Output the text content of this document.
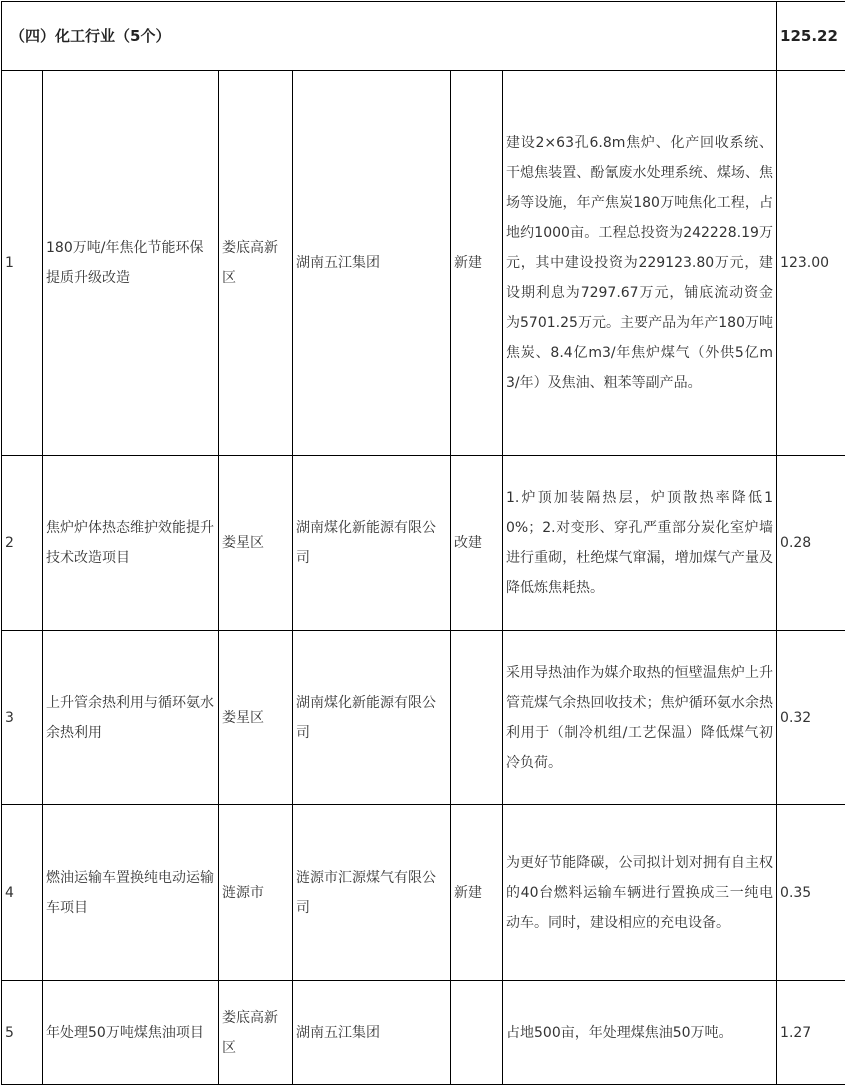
（四）化工行业（5个）						125.22
1	180万吨/年焦化节能环保提质升级改造	娄底高新区	湖南五江集团	新建	建设2×63孔6.8m焦炉、化产回收系统、干熄焦装置、酚氰废水处理系统、煤场、焦场等设施，年产焦炭180万吨焦化工程，占地约1000亩。工程总投资为242228.19万元，其中建设投资为229123.80万元，建设期利息为7297.67万元，铺底流动资金为5701.25万元。主要产品为年产180万吨焦炭、8.4亿m3/年焦炉煤气（外供5亿m3/年）及焦油、粗苯等副产品。	123.00
2	焦炉炉体热态维护效能提升技术改造项目	娄星区	湖南煤化新能源有限公司	改建	1.炉顶加装隔热层，炉顶散热率降低10%；2.对变形、穿孔严重部分炭化室炉墙进行重砌，杜绝煤气窜漏，增加煤气产量及降低炼焦耗热。	0.28
3	上升管余热利用与循环氨水余热利用	娄星区	湖南煤化新能源有限公司		采用导热油作为媒介取热的恒壁温焦炉上升管荒煤气余热回收技术；焦炉循环氨水余热利用于（制冷机组/工艺保温）降低煤气初冷负荷。	0.32
4	燃油运输车置换纯电动运输车项目	涟源市	涟源市汇源煤气有限公司	新建	为更好节能降碳，公司拟计划对拥有自主权的40台燃料运输车辆进行置换成三一纯电动车。同时，建设相应的充电设备。	0.35
5	年处理50万吨煤焦油项目	娄底高新区	湖南五江集团		占地500亩，年处理煤焦油50万吨。	1.27
